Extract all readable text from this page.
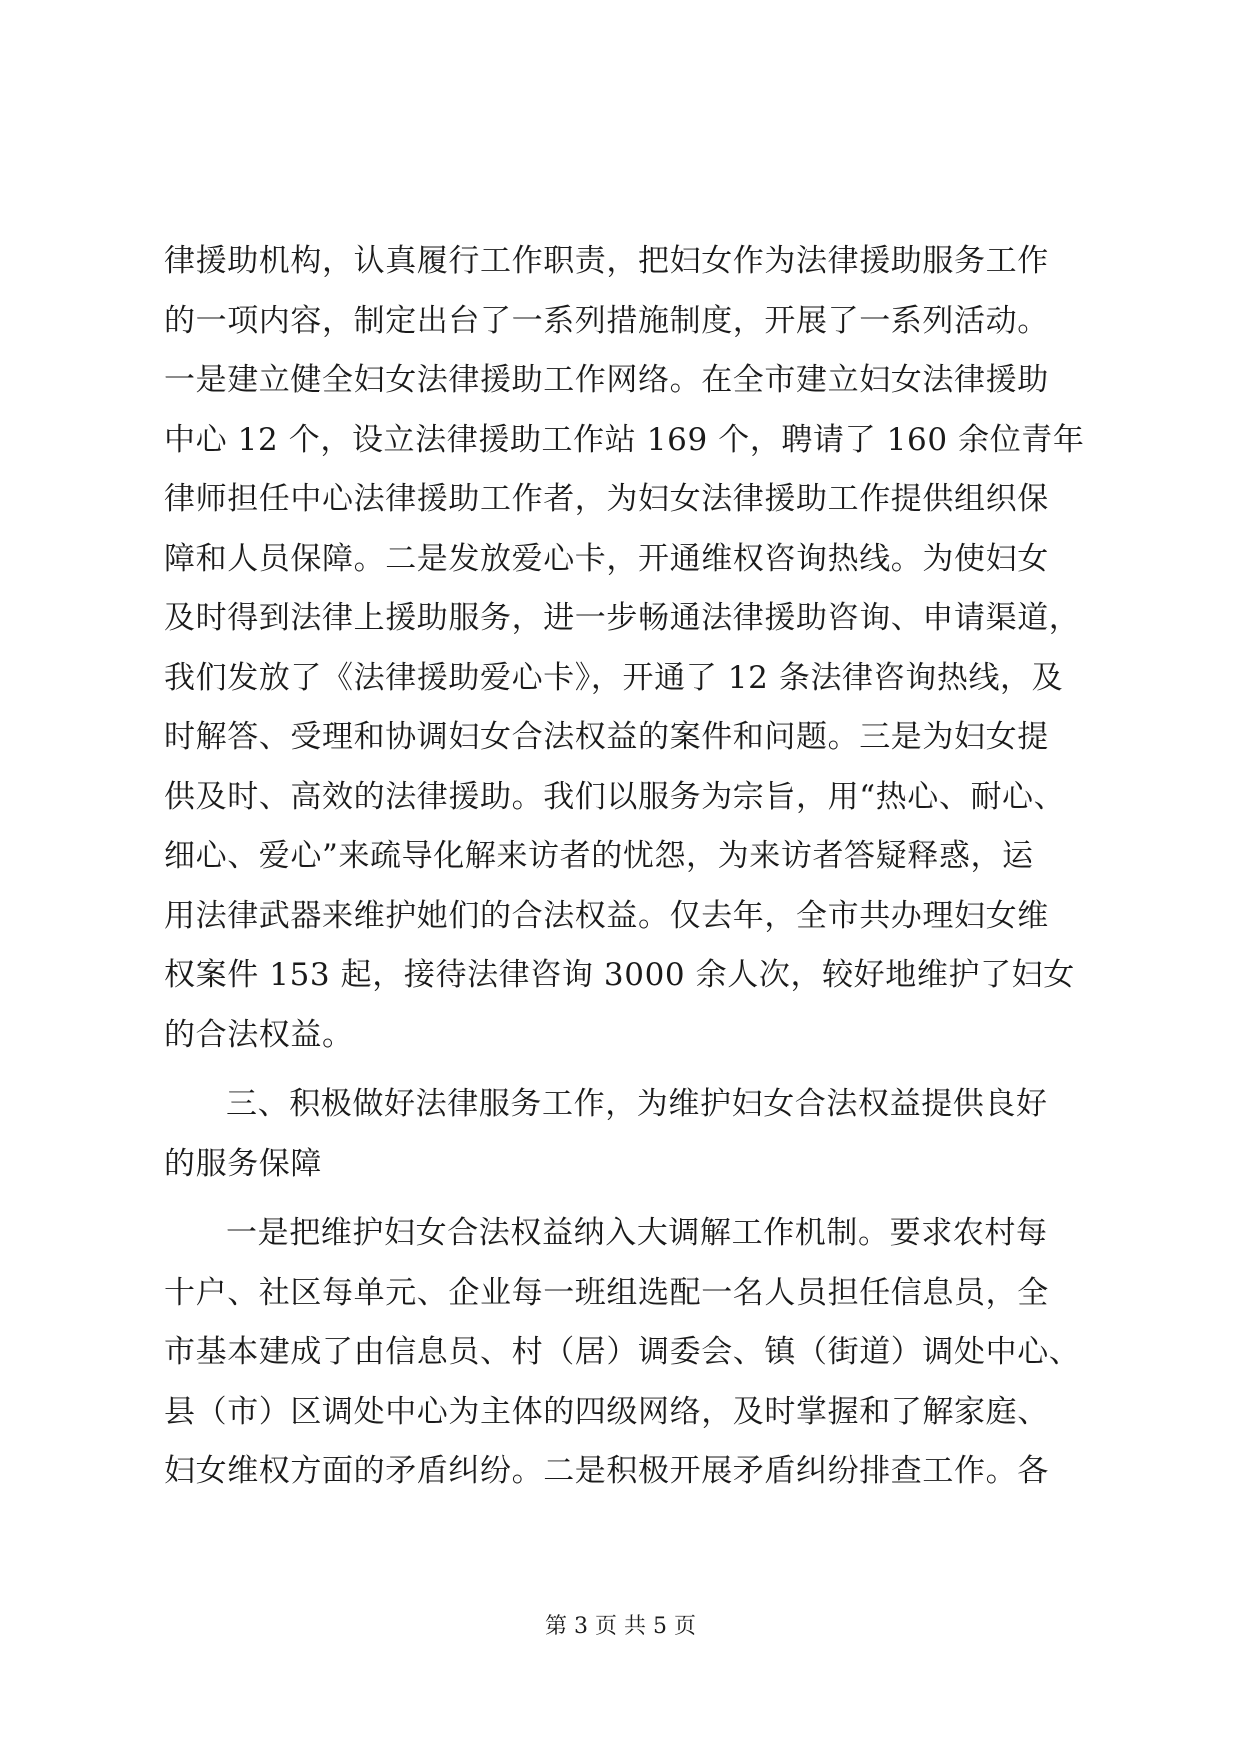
律援助机构，认真履行工作职责，把妇女作为法律援助服务工作
的一项内容，制定出台了一系列措施制度，开展了一系列活动。
一是建立健全妇女法律援助工作网络。在全市建立妇女法律援助
中心 12 个，设立法律援助工作站 169 个，聘请了 160 余位青年
律师担任中心法律援助工作者，为妇女法律援助工作提供组织保
障和人员保障。二是发放爱心卡，开通维权咨询热线。为使妇女
及时得到法律上援助服务，进一步畅通法律援助咨询、申请渠道，
我们发放了《法律援助爱心卡》，开通了 12 条法律咨询热线，及
时解答、受理和协调妇女合法权益的案件和问题。三是为妇女提
供及时、高效的法律援助。我们以服务为宗旨，用“热心、耐心、
细心、爱心”来疏导化解来访者的忧怨，为来访者答疑释惑，运
用法律武器来维护她们的合法权益。仅去年，全市共办理妇女维
权案件 153 起，接待法律咨询 3000 余人次，较好地维护了妇女
的合法权益。
三、积极做好法律服务工作，为维护妇女合法权益提供良好
的服务保障
一是把维护妇女合法权益纳入大调解工作机制。要求农村每
十户、社区每单元、企业每一班组选配一名人员担任信息员，全
市基本建成了由信息员、村（居）调委会、镇（街道）调处中心、
县（市）区调处中心为主体的四级网络，及时掌握和了解家庭、
妇女维权方面的矛盾纠纷。二是积极开展矛盾纠纷排查工作。各
第 3 页 共 5 页
